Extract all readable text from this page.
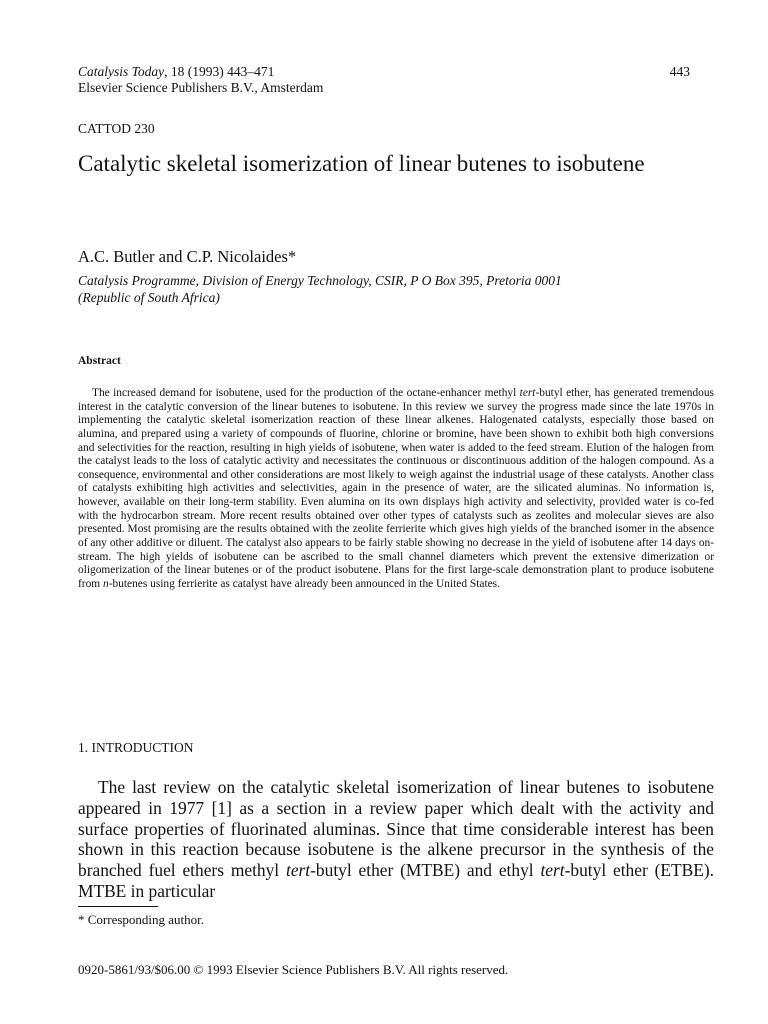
Catalysis Today, 18 (1993) 443–471	443
Elsevier Science Publishers B.V., Amsterdam
CATTOD 230
Catalytic skeletal isomerization of linear butenes to isobutene
A.C. Butler and C.P. Nicolaides*
Catalysis Programme, Division of Energy Technology, CSIR, P O Box 395, Pretoria 0001
(Republic of South Africa)
Abstract

The increased demand for isobutene, used for the production of the octane-enhancer methyl tert-butyl ether, has generated tremendous interest in the catalytic conversion of the linear butenes to isobutene. In this review we survey the progress made since the late 1970s in implementing the catalytic skeletal isomerization reaction of these linear alkenes. Halogenated catalysts, especially those based on alumina, and prepared using a variety of compounds of fluorine, chlorine or bromine, have been shown to exhibit both high conversions and selectivities for the reaction, resulting in high yields of isobutene, when water is added to the feed stream. Elution of the halogen from the catalyst leads to the loss of catalytic activity and necessitates the continuous or discontinuous addition of the halogen compound. As a consequence, environmental and other considerations are most likely to weigh against the industrial usage of these catalysts. Another class of catalysts exhibiting high activities and selectivities, again in the presence of water, are the silicated aluminas. No information is, however, available on their long-term stability. Even alumina on its own displays high activity and selectivity, provided water is co-fed with the hydrocarbon stream. More recent results obtained over other types of catalysts such as zeolites and molecular sieves are also presented. Most promising are the results obtained with the zeolite ferrierite which gives high yields of the branched isomer in the absence of any other additive or diluent. The catalyst also appears to be fairly stable showing no decrease in the yield of isobutene after 14 days on-stream. The high yields of isobutene can be ascribed to the small channel diameters which prevent the extensive dimerization or oligomerization of the linear butenes or of the product isobutene. Plans for the first large-scale demonstration plant to produce isobutene from n-butenes using ferrierite as catalyst have already been announced in the United States.

1. INTRODUCTION

The last review on the catalytic skeletal isomerization of linear butenes to isobutene appeared in 1977 [1] as a section in a review paper which dealt with the activity and surface properties of fluorinated aluminas. Since that time considerable interest has been shown in this reaction because isobutene is the alkene precursor in the synthesis of the branched fuel ethers methyl tert-butyl ether (MTBE) and ethyl tert-butyl ether (ETBE). MTBE in particular

* Corresponding author.
0920-5861/93/$06.00 © 1993 Elsevier Science Publishers B.V. All rights reserved.
